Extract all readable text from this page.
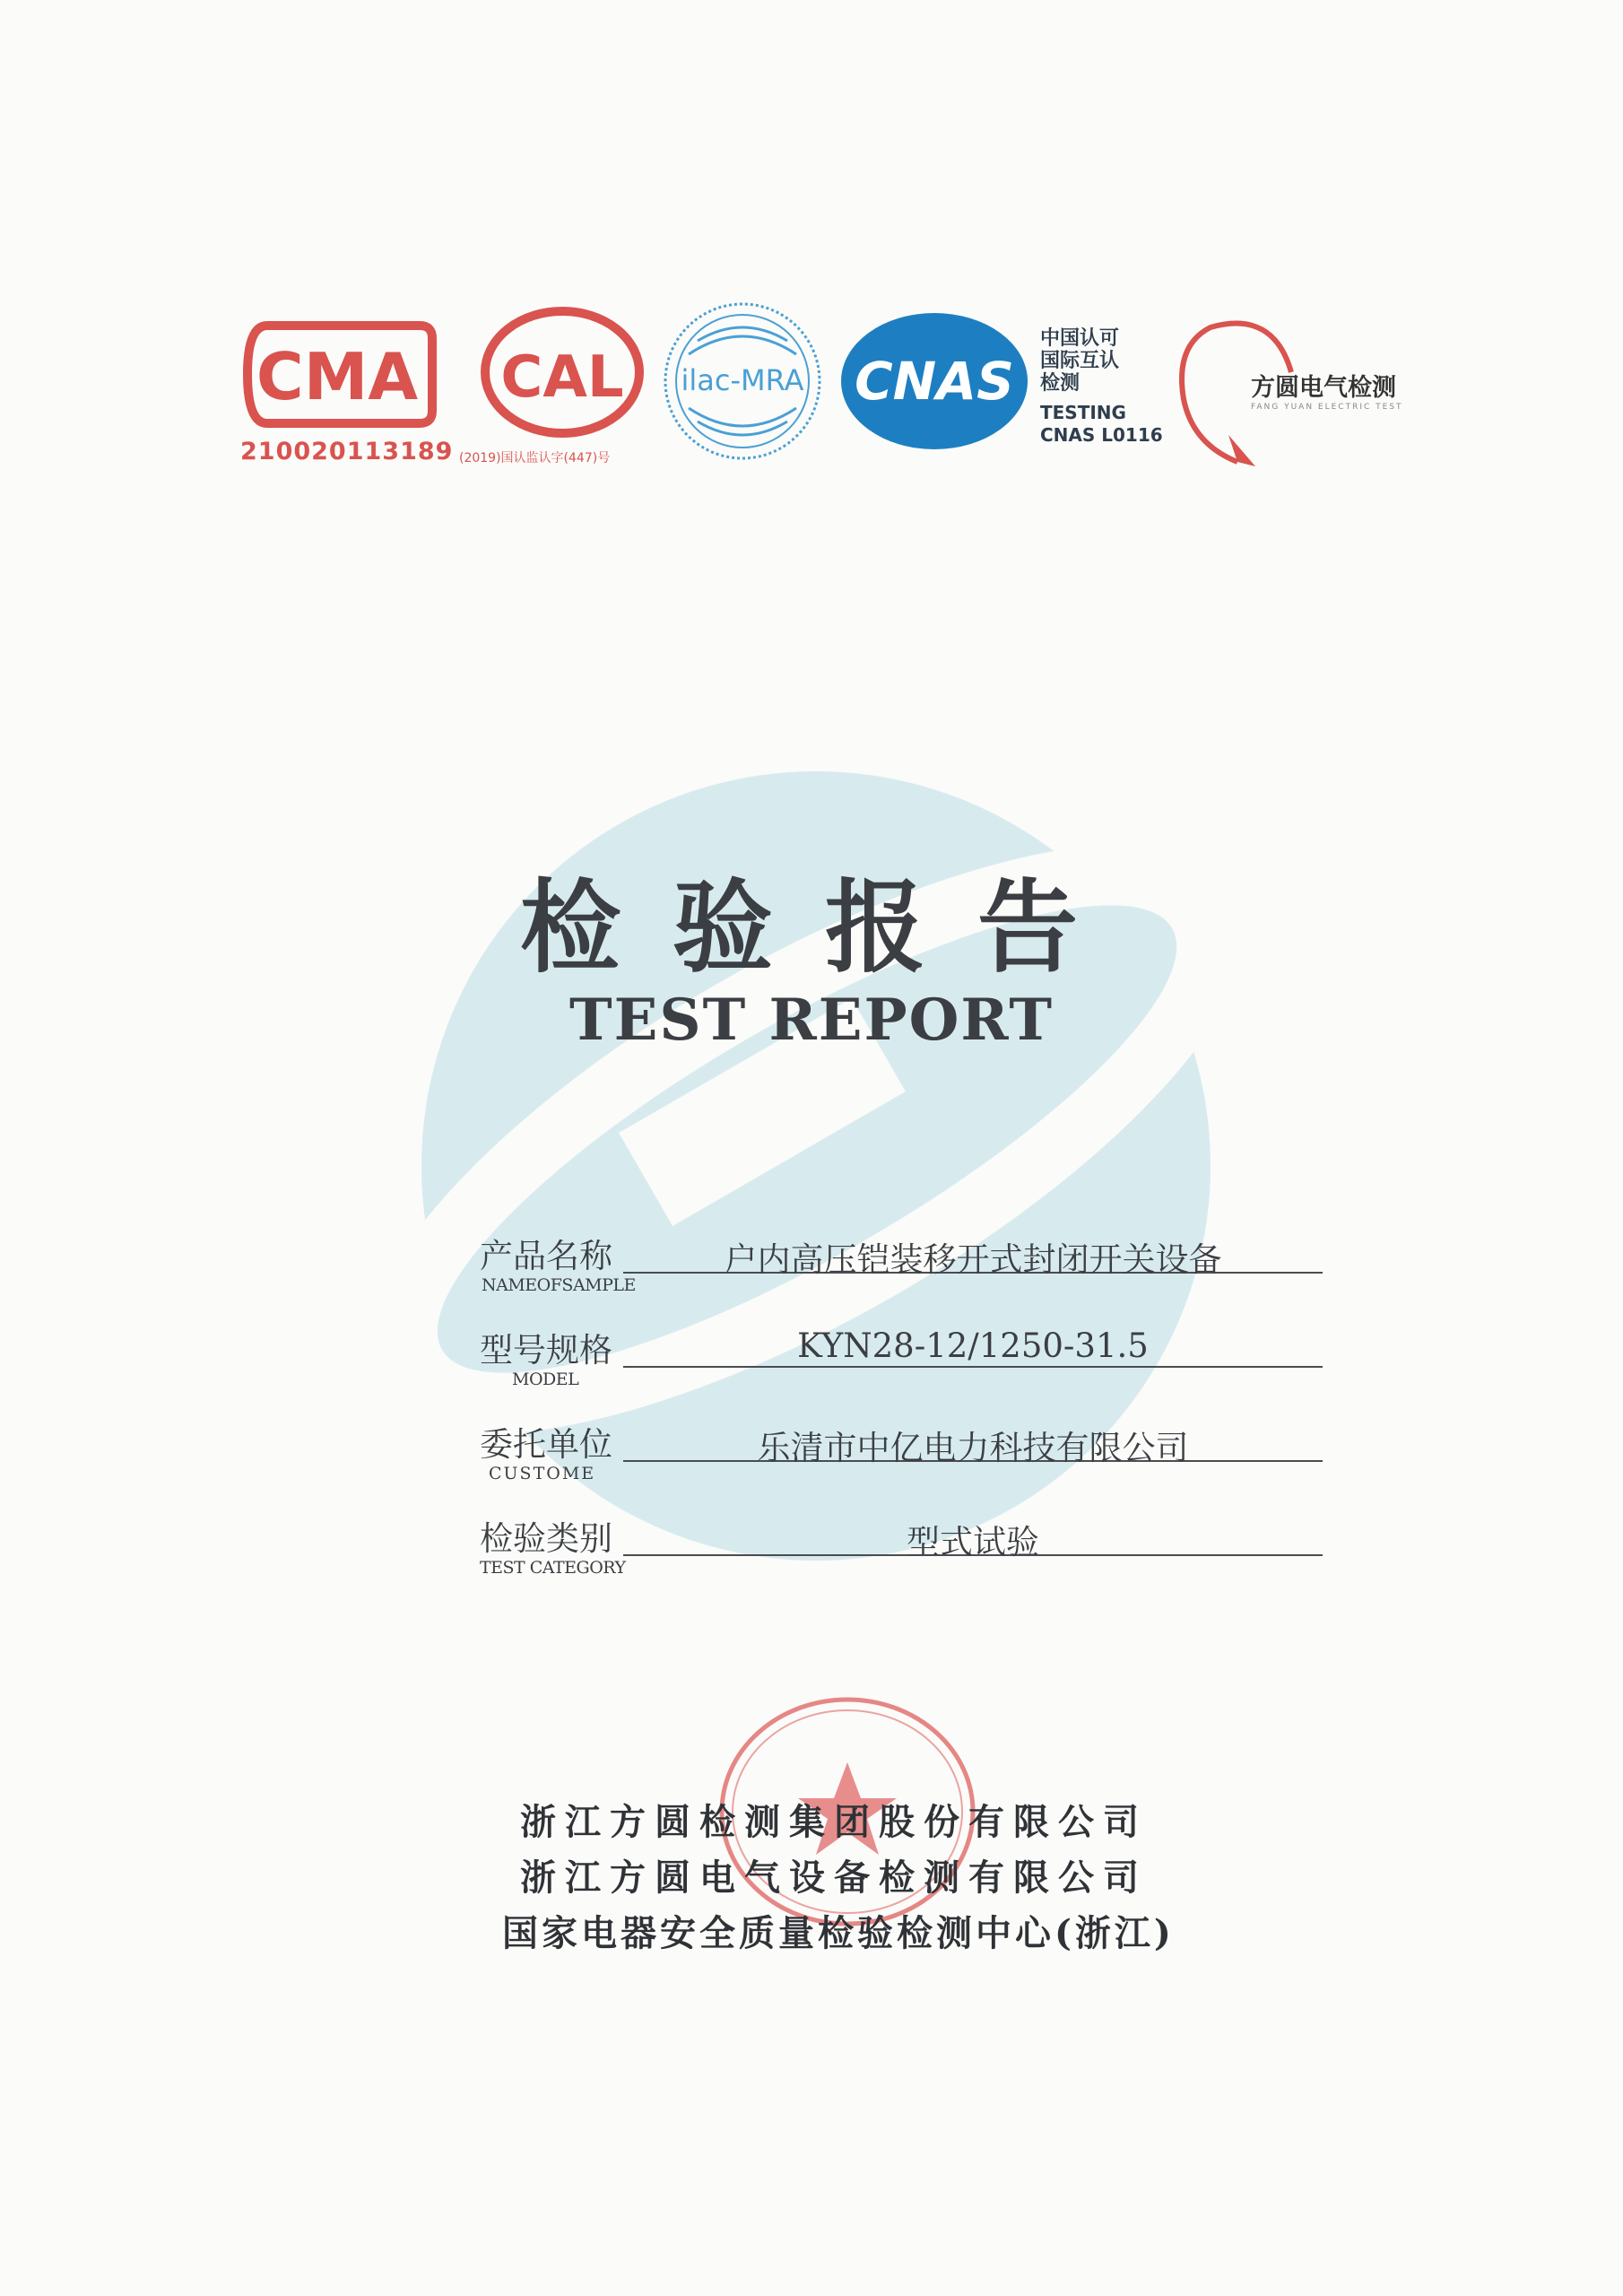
CMA
210020113189
CAL
(2019)国认监认字(447)号
ilac-MRA CNAS
中国认可
国际互认
检测
TESTING
CNAS L0116
方圆电气检测
FANG YUAN ELECTRIC TEST
检验报告
TEST REPORT
产品名称
NAMEOFSAMPLE
户内高压铠装移开式封闭开关设备
型号规格
MODEL
KYN28-12/1250-31.5
委托单位
CUSTOME
乐清市中亿电力科技有限公司
检验类别
TEST CATEGORY
型式试验
浙江方圆检测集团股份有限公司
浙江方圆电气设备检测有限公司
国家电器安全质量检验检测中心(浙江)
